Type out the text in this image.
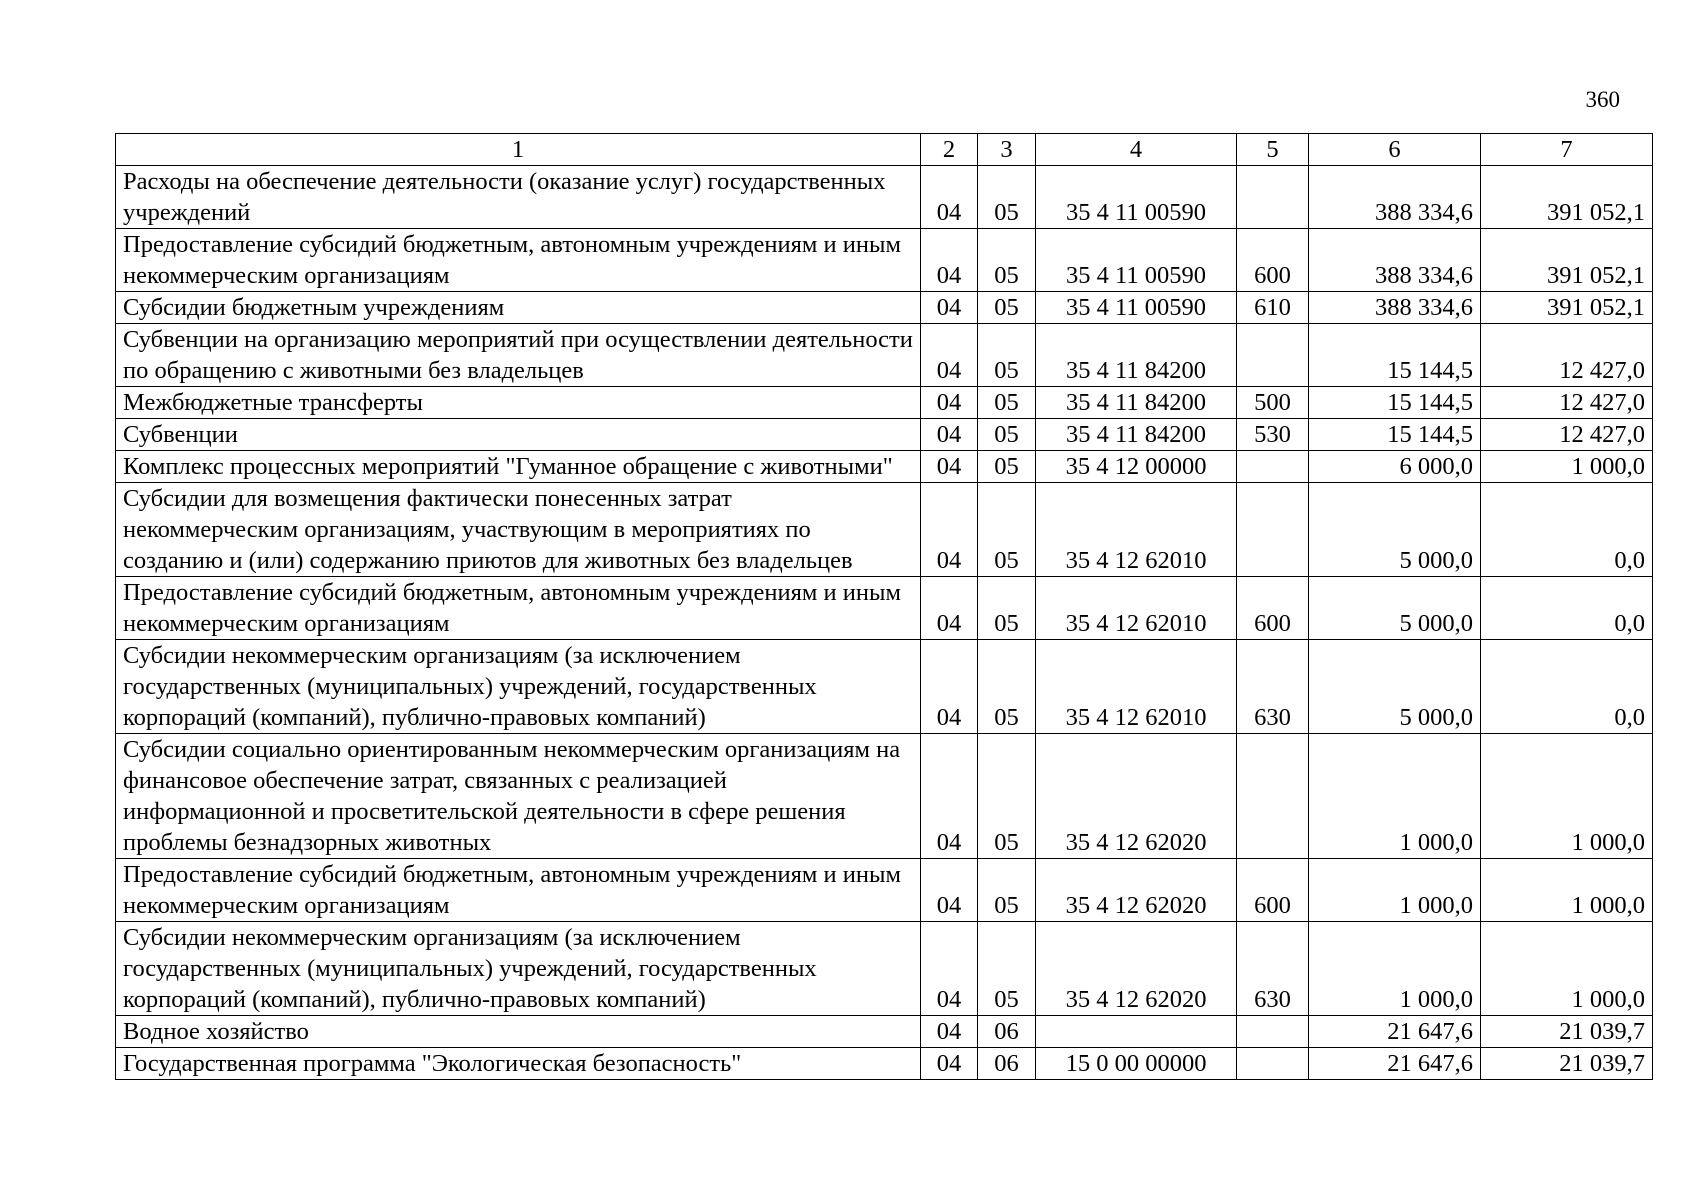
360
1	2	3	4	5	6	7
Расходы на обеспечение деятельности (оказание услуг) государственных учреждений	04	05	35 4 11 00590		388 334,6	391 052,1
Предоставление субсидий бюджетным, автономным учреждениям и иным некоммерческим организациям	04	05	35 4 11 00590	600	388 334,6	391 052,1
Субсидии бюджетным учреждениям	04	05	35 4 11 00590	610	388 334,6	391 052,1
Субвенции на организацию мероприятий при осуществлении деятельности по обращению с животными без владельцев	04	05	35 4 11 84200		15 144,5	12 427,0
Межбюджетные трансферты	04	05	35 4 11 84200	500	15 144,5	12 427,0
Субвенции	04	05	35 4 11 84200	530	15 144,5	12 427,0
Комплекс процессных мероприятий "Гуманное обращение с животными"	04	05	35 4 12 00000		6 000,0	1 000,0
Субсидии для возмещения фактически понесенных затрат некоммерческим организациям, участвующим в мероприятиях по созданию и (или) содержанию приютов для животных без владельцев	04	05	35 4 12 62010		5 000,0	0,0
Предоставление субсидий бюджетным, автономным учреждениям и иным некоммерческим организациям	04	05	35 4 12 62010	600	5 000,0	0,0
Субсидии некоммерческим организациям (за исключением государственных (муниципальных) учреждений, государственных корпораций (компаний), публично-правовых компаний)	04	05	35 4 12 62010	630	5 000,0	0,0
Субсидии социально ориентированным некоммерческим организациям на финансовое обеспечение затрат, связанных с реализацией информационной и просветительской деятельности в сфере решения проблемы безнадзорных животных	04	05	35 4 12 62020		1 000,0	1 000,0
Предоставление субсидий бюджетным, автономным учреждениям и иным некоммерческим организациям	04	05	35 4 12 62020	600	1 000,0	1 000,0
Субсидии некоммерческим организациям (за исключением государственных (муниципальных) учреждений, государственных корпораций (компаний), публично-правовых компаний)	04	05	35 4 12 62020	630	1 000,0	1 000,0
Водное хозяйство	04	06			21 647,6	21 039,7
Государственная программа "Экологическая безопасность"	04	06	15 0 00 00000		21 647,6	21 039,7
